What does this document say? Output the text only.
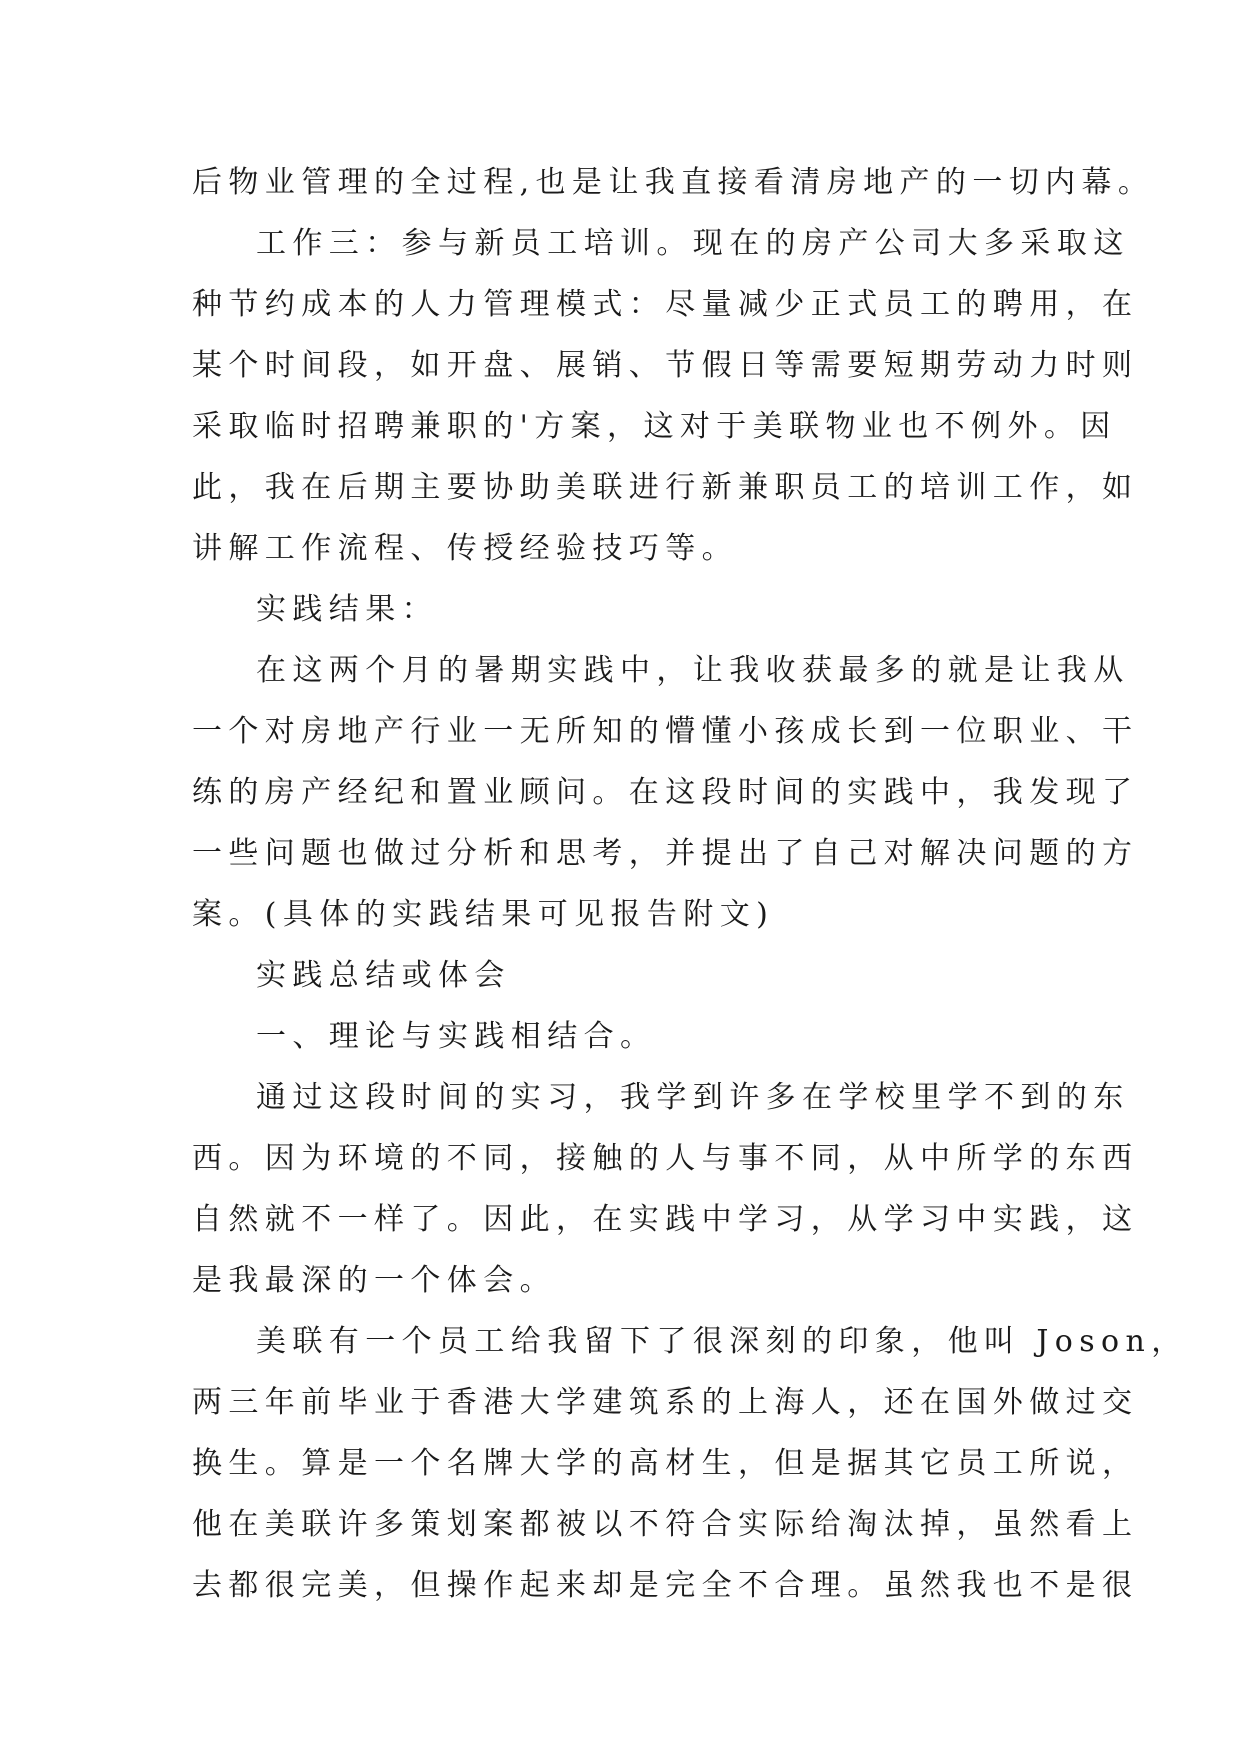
后物业管理的全过程,也是让我直接看清房地产的一切内幕。
工作三：参与新员工培训。现在的房产公司大多采取这
种节约成本的人力管理模式：尽量减少正式员工的聘用，在
某个时间段，如开盘、展销、节假日等需要短期劳动力时则
采取临时招聘兼职的'方案，这对于美联物业也不例外。因
此，我在后期主要协助美联进行新兼职员工的培训工作，如
讲解工作流程、传授经验技巧等。
实践结果：
在这两个月的暑期实践中，让我收获最多的就是让我从
一个对房地产行业一无所知的懵懂小孩成长到一位职业、干
练的房产经纪和置业顾问。在这段时间的实践中，我发现了
一些问题也做过分析和思考，并提出了自己对解决问题的方
案。(具体的实践结果可见报告附文)
实践总结或体会
一、理论与实践相结合。
通过这段时间的实习，我学到许多在学校里学不到的东
西。因为环境的不同，接触的人与事不同，从中所学的东西
自然就不一样了。因此，在实践中学习，从学习中实践，这
是我最深的一个体会。
美联有一个员工给我留下了很深刻的印象，他叫 Joson，
两三年前毕业于香港大学建筑系的上海人，还在国外做过交
换生。算是一个名牌大学的高材生，但是据其它员工所说，
他在美联许多策划案都被以不符合实际给淘汰掉，虽然看上
去都很完美，但操作起来却是完全不合理。虽然我也不是很
